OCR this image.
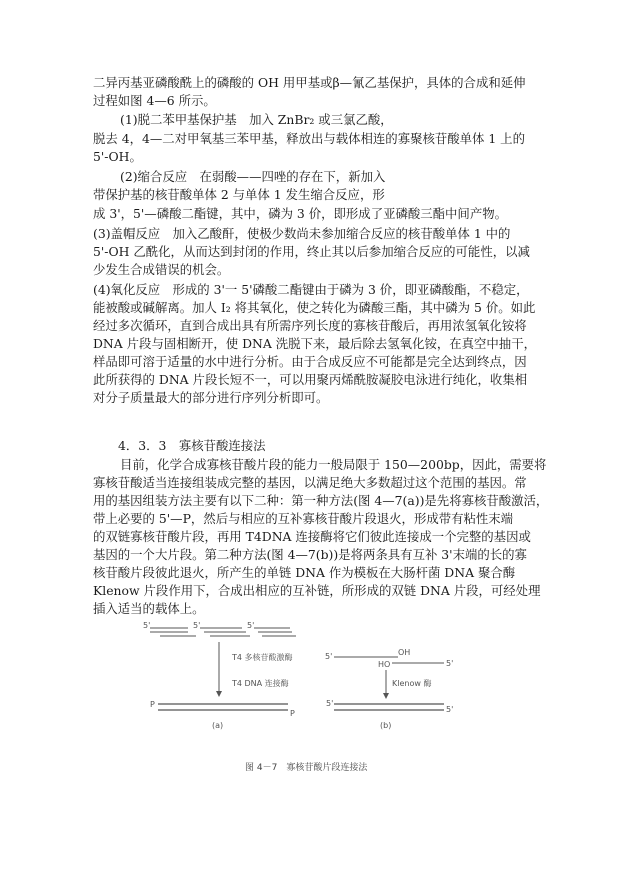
二异丙基亚磷酸酰上的磷酸的 OH 用甲基或β—氰乙基保护，具体的合成和延伸
过程如图 4—6 所示。
(1)脱二苯甲基保护基　加入 ZnBr₂ 或三氯乙酸，
脱去 4，4—二对甲氧基三苯甲基，释放出与载体相连的寡聚核苷酸单体 1 上的
5'-OH。
(2)缩合反应　在弱酸——四唑的存在下，新加入
带保护基的核苷酸单体 2 与单体 1 发生缩合反应，形
成 3'，5'—磷酸二酯键，其中，磷为 3 价，即形成了亚磷酸三酯中间产物。
(3)盖帽反应　加入乙酸酐，使极少数尚未参加缩合反应的核苷酸单体 1 中的
5'-OH 乙酰化，从而达到封闭的作用，终止其以后参加缩合反应的可能性，以减
少发生合成错误的机会。
(4)氧化反应　形成的 3'一 5'磷酸二酯键由于磷为 3 价，即亚磷酸酯，不稳定，
能被酸或碱解离。加人 I₂ 将其氧化，使之转化为磷酸三酯，其中磷为 5 价。如此
经过多次循环，直到合成出具有所需序列长度的寡核苷酸后，再用浓氢氧化铵将
DNA 片段与固相断开，使 DNA 洗脱下来，最后除去氢氧化铵，在真空中抽干，
样品即可溶于适量的水中进行分析。由于合成反应不可能都是完全达到终点，因
此所获得的 DNA 片段长短不一，可以用聚丙烯酰胺凝胶电泳进行纯化，收集相
对分子质量最大的部分进行序列分析即可。
4．3．3　寡核苷酸连接法
目前，化学合成寡核苷酸片段的能力一般局限于 150—200bp，因此，需要将
寡核苷酸适当连接组装成完整的基因，以满足绝大多数超过这个范围的基因。常
用的基因组装方法主要有以下二种：第一种方法(图 4—7(a))是先将寡核苷酸激活，
带上必要的 5'—P，然后与相应的互补寡核苷酸片段退火，形成带有粘性末端
的双链寡核苷酸片段，再用 T4DNA 连接酶将它们彼此连接成一个完整的基因或
基因的一个大片段。第二种方法(图 4—7(b))是将两条具有互补 3'末端的长的寡
核苷酸片段彼此退火，所产生的单链 DNA 作为模板在大肠杆菌 DNA 聚合酶
Klenow 片段作用下，合成出相应的互补链，所形成的双链 DNA 片段，可经处理
插入适当的载体上。
5'	5'	5'
T4 多核苷酸激酶
T4 DNA 连接酶
P
P
(a)
5'	OH
HO	5'
Klenow 酶
5'
5'
(b)
图 4－7　寡核苷酸片段连接法
